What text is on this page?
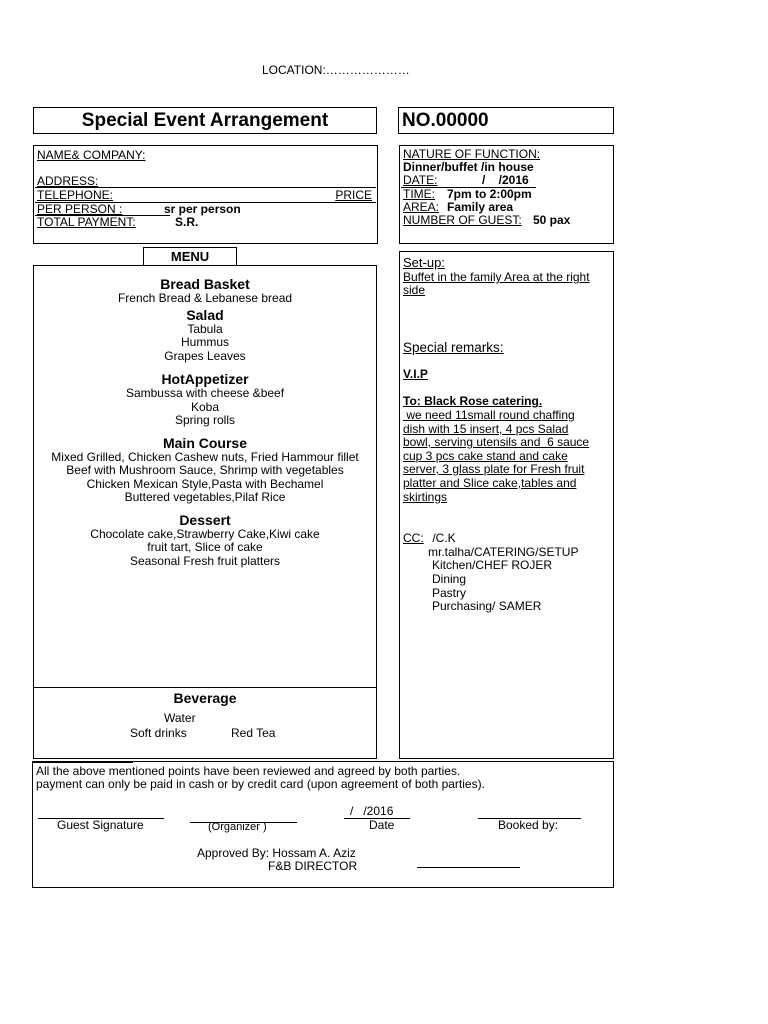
LOCATION:…………………
Special Event Arrangement	NO.00000
NAME& COMPANY:
ADDRESS:
TELEPHONE:	PRICE
PER PERSON :	sr per person
TOTAL PAYMENT:	S.R.
NATURE OF FUNCTION:
Dinner/buffet /in house
DATE:	/    /2016
TIME: 7pm to 2:00pm
AREA: Family area
NUMBER OF GUEST: 50 pax
MENU
Bread Basket
French Bread & Lebanese bread
Salad
Tabula
Hummus
Grapes Leaves
HotAppetizer
Sambussa with cheese &beef
Koba
Spring rolls
Main Course
Mixed Grilled, Chicken Cashew nuts, Fried Hammour fillet
Beef with Mushroom Sauce, Shrimp with vegetables
Chicken Mexican Style,Pasta with Bechamel
Buttered vegetables,Pilaf Rice
Dessert
Chocolate cake,Strawberry Cake,Kiwi cake
fruit tart, Slice of cake
Seasonal Fresh fruit platters
Beverage
Water
Soft drinks	Red Tea
Set-up:
Buffet in the family Area at the right
side
Special remarks:
V.I.P
To: Black Rose catering.
we need 11small round chaffing
dish with 15 insert, 4 pcs Salad
bowl, serving utensils and  6 sauce
cup 3 pcs cake stand and cake
server, 3 glass plate for Fresh fruit
platter and Slice cake,tables and
skirtings
CC: /C.K
mr.talha/CATERING/SETUP
Kitchen/CHEF ROJER
Dining
Pastry
Purchasing/ SAMER
All the above mentioned points have been reviewed and agreed by both parties.
payment can only be paid in cash or by credit card (upon agreement of both parties).
/   /2016
Guest Signature	(Organizer )	Date	Booked by:
Approved By: Hossam A. Aziz
F&B DIRECTOR
